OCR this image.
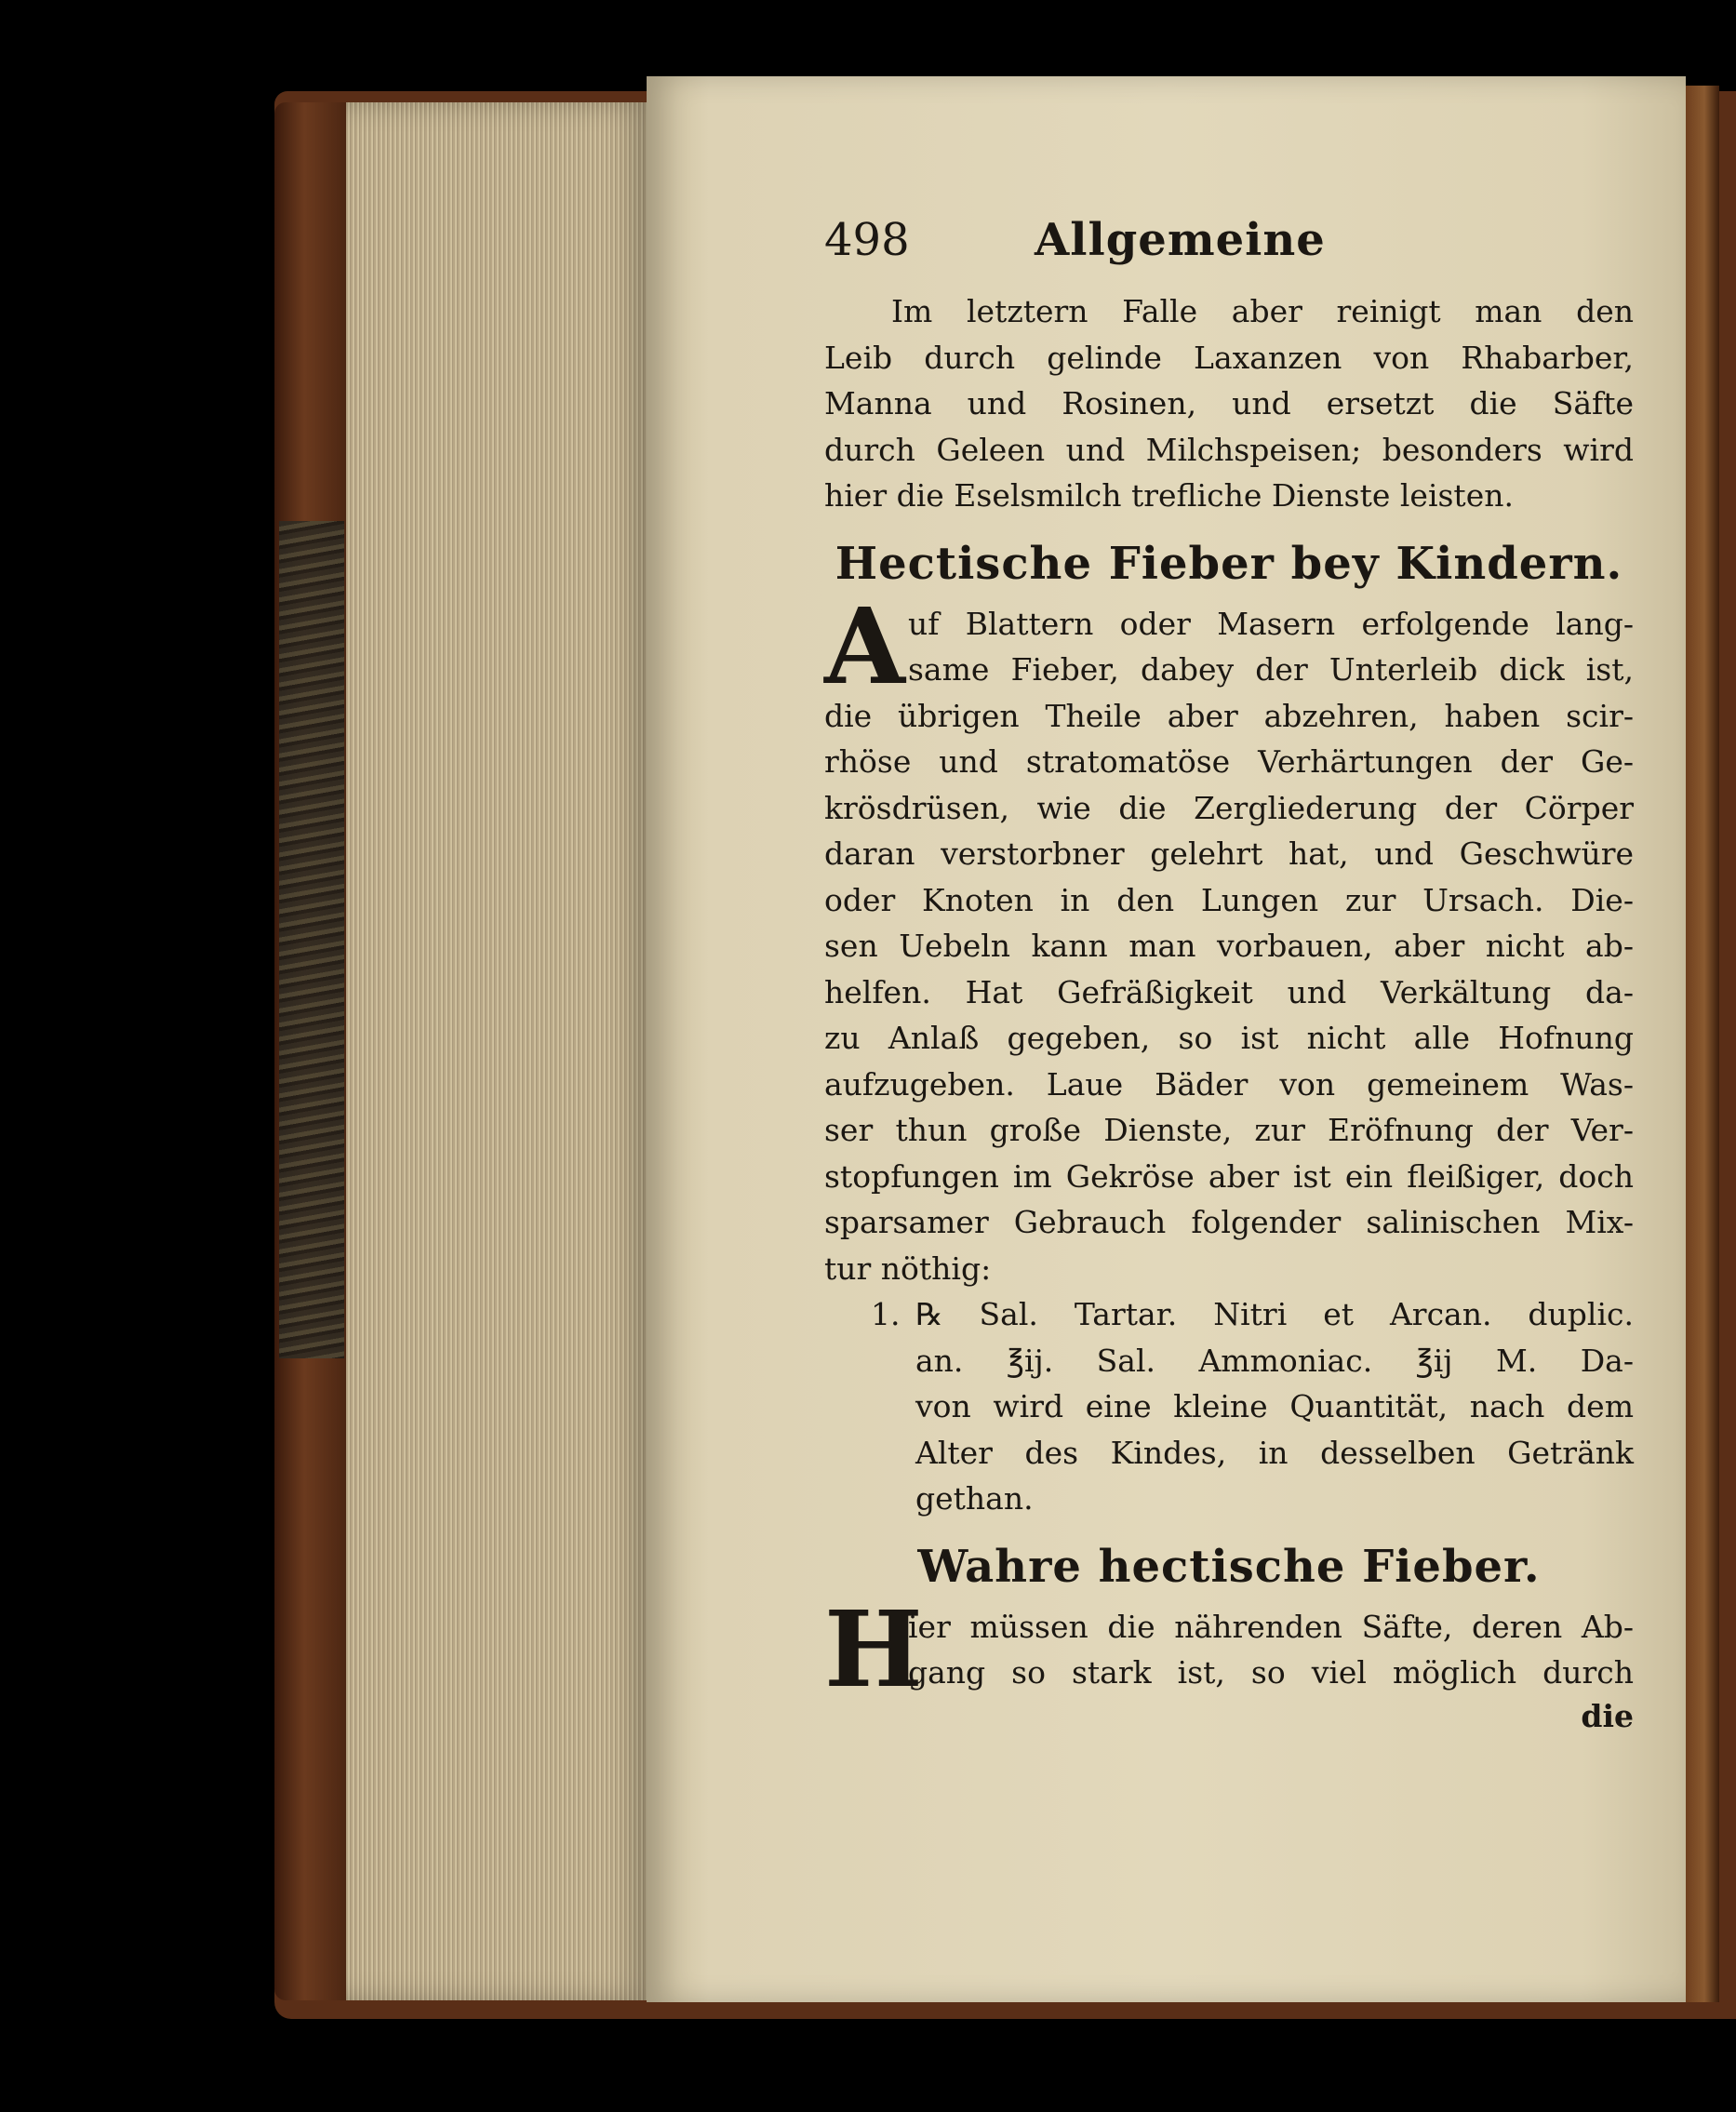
498	Allgemeine

Im letztern Falle aber reinigt man den
Leib durch gelinde Laxanzen von Rhabarber,
Manna und Rosinen, und ersetzt die Säfte
durch Geleen und Milchspeisen; besonders wird
hier die Eselsmilch trefliche Dienste leisten.

Hectische Fieber bey Kindern.
A uf Blattern oder Masern erfolgende lang-
same Fieber, dabey der Unterleib dick ist,
die übrigen Theile aber abzehren, haben scir-
rhöse und stratomatöse Verhärtungen der Ge-
krösdrüsen, wie die Zergliederung der Cörper
daran verstorbner gelehrt hat, und Geschwüre
oder Knoten in den Lungen zur Ursach. Die-
sen Uebeln kann man vorbauen, aber nicht ab-
helfen. Hat Gefräßigkeit und Verkältung da-
zu Anlaß gegeben, so ist nicht alle Hofnung
aufzugeben. Laue Bäder von gemeinem Was-
ser thun große Dienste, zur Eröfnung der Ver-
stopfungen im Gekröse aber ist ein fleißiger, doch
sparsamer Gebrauch folgender salinischen Mix-
tur nöthig:

1. ℞ Sal. Tartar. Nitri et Arcan. duplic.
an. ℥ij. Sal. Ammoniac. ℥ij M. Da-
von wird eine kleine Quantität, nach dem
Alter des Kindes, in desselben Getränk
gethan.

Wahre hectische Fieber.
H

ier müssen die nährenden Säfte, deren Ab-
gang so stark ist, so viel möglich durch

die
